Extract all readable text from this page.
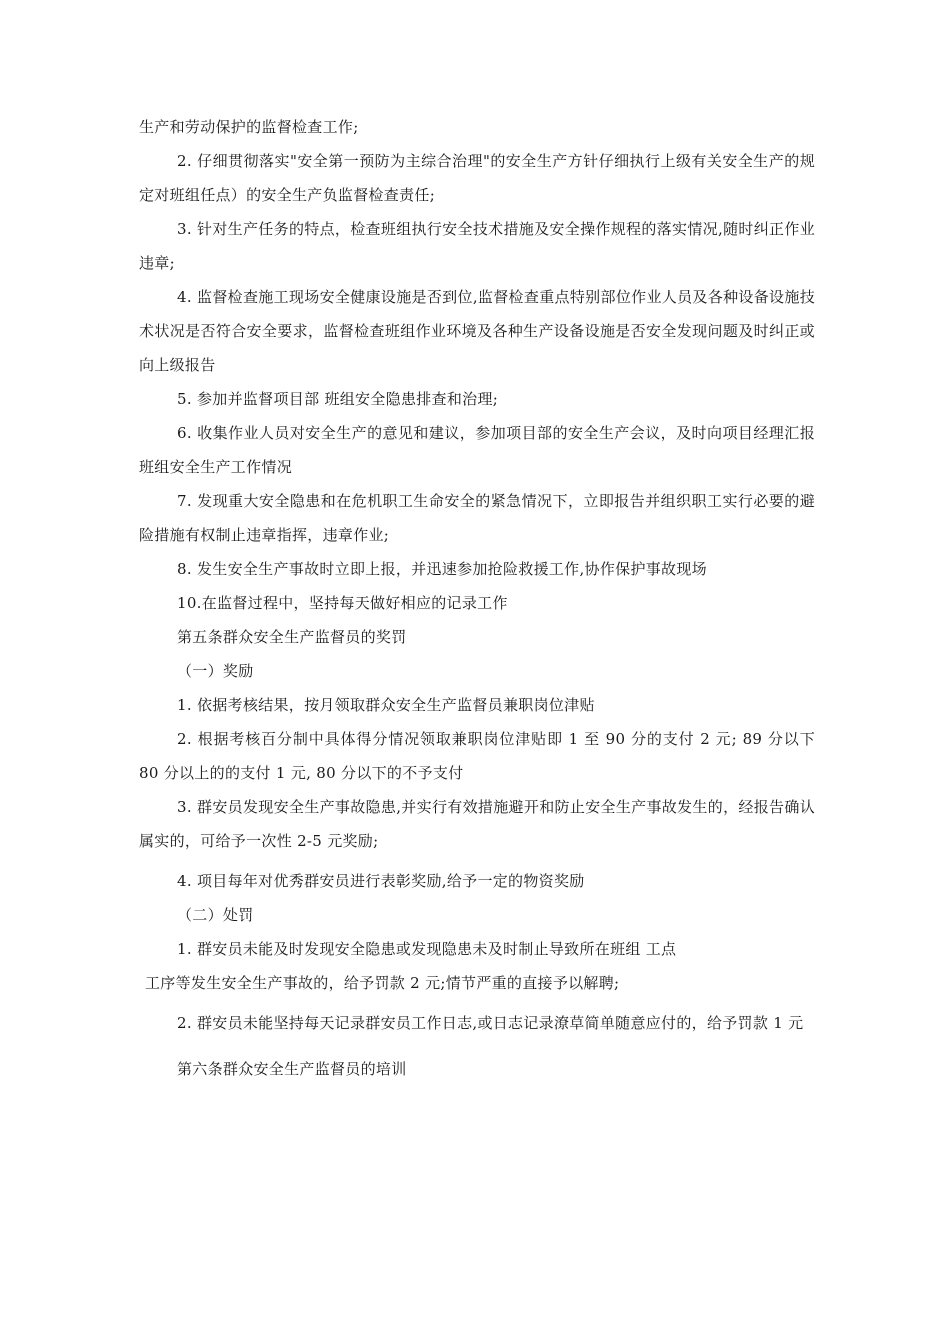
生产和劳动保护的监督检查工作;

2. 仔细贯彻落实"安全第一预防为主综合治理"的安全生产方针仔细执行上级有关安全生产的规定对班组任点）的安全生产负监督检查责任;

3. 针对生产任务的特点，检查班组执行安全技术措施及安全操作规程的落实情况,随时纠正作业违章;

4. 监督检查施工现场安全健康设施是否到位,监督检查重点特别部位作业人员及各种设备设施技术状况是否符合安全要求，监督检查班组作业环境及各种生产设备设施是否安全发现问题及时纠正或向上级报告

5. 参加并监督项目部 班组安全隐患排查和治理;

6. 收集作业人员对安全生产的意见和建议，参加项目部的安全生产会议，及时向项目经理汇报班组安全生产工作情况

7. 发现重大安全隐患和在危机职工生命安全的紧急情况下，立即报告并组织职工实行必要的避险措施有权制止违章指挥，违章作业;

8. 发生安全生产事故时立即上报，并迅速参加抢险救援工作,协作保护事故现场

10.在监督过程中，坚持每天做好相应的记录工作

第五条群众安全生产监督员的奖罚

（一）奖励

1. 依据考核结果，按月领取群众安全生产监督员兼职岗位津贴

2. 根据考核百分制中具体得分情况领取兼职岗位津贴即 1 至 90 分的支付 2 元; 89 分以下 80 分以上的的支付 1 元, 80 分以下的不予支付

3. 群安员发现安全生产事故隐患,并实行有效措施避开和防止安全生产事故发生的，经报告确认属实的，可给予一次性 2-5 元奖励;

4. 项目每年对优秀群安员进行表彰奖励,给予一定的物资奖励

（二）处罚

1. 群安员未能及时发现安全隐患或发现隐患未及时制止导致所在班组 工点

工序等发生安全生产事故的，给予罚款 2 元;情节严重的直接予以解聘;

2. 群安员未能坚持每天记录群安员工作日志,或日志记录潦草简单随意应付的，给予罚款 1 元

第六条群众安全生产监督员的培训
